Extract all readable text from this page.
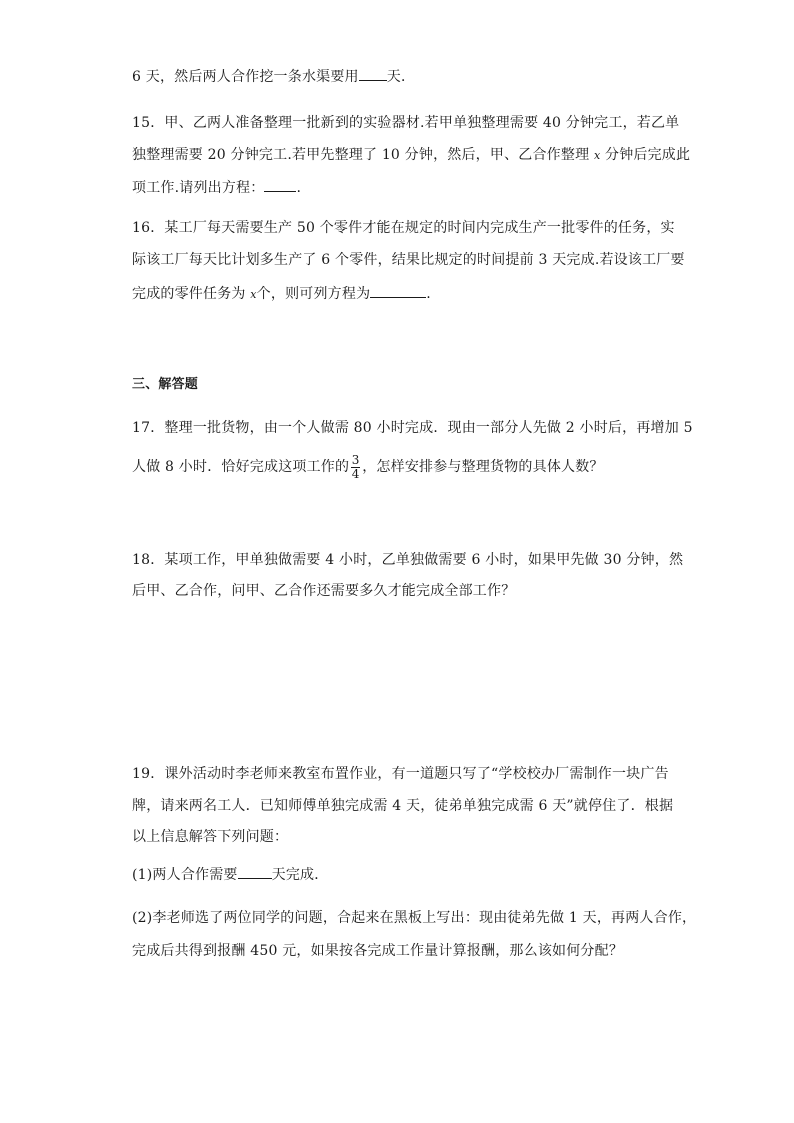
6 天，然后两人合作挖一条水渠要用 天．
15．甲、乙两人准备整理一批新到的实验器材.若甲单独整理需要 40 分钟完工，若乙单
独整理需要 20 分钟完工.若甲先整理了 10 分钟，然后，甲、乙合作整理 x 分钟后完成此
项工作.请列出方程： .
16．某工厂每天需要生产 50 个零件才能在规定的时间内完成生产一批零件的任务，实
际该工厂每天比计划多生产了 6 个零件，结果比规定的时间提前 3 天完成.若设该工厂要
完成的零件任务为 x个，则可列方程为	.
三、解答题
17．整理一批货物，由一个人做需 80 小时完成．现由一部分人先做 2 小时后，再增加 5
人做 8 小时．恰好完成这项工作的 $\frac{3}{4}$ ，怎样安排参与整理货物的具体人数？
18．某项工作，甲单独做需要 4 小时，乙单独做需要 6 小时，如果甲先做 30 分钟，然
后甲、乙合作，问甲、乙合作还需要多久才能完成全部工作？
19．课外活动时李老师来教室布置作业，有一道题只写了“学校校办厂需制作一块广告
牌，请来两名工人．已知师傅单独完成需 4 天，徒弟单独完成需 6 天”就停住了．根据
以上信息解答下列问题：
(1)两人合作需要 天完成．
(2)李老师选了两位同学的问题，合起来在黑板上写出：现由徒弟先做 1 天，再两人合作，
完成后共得到报酬 450 元，如果按各完成工作量计算报酬，那么该如何分配？
